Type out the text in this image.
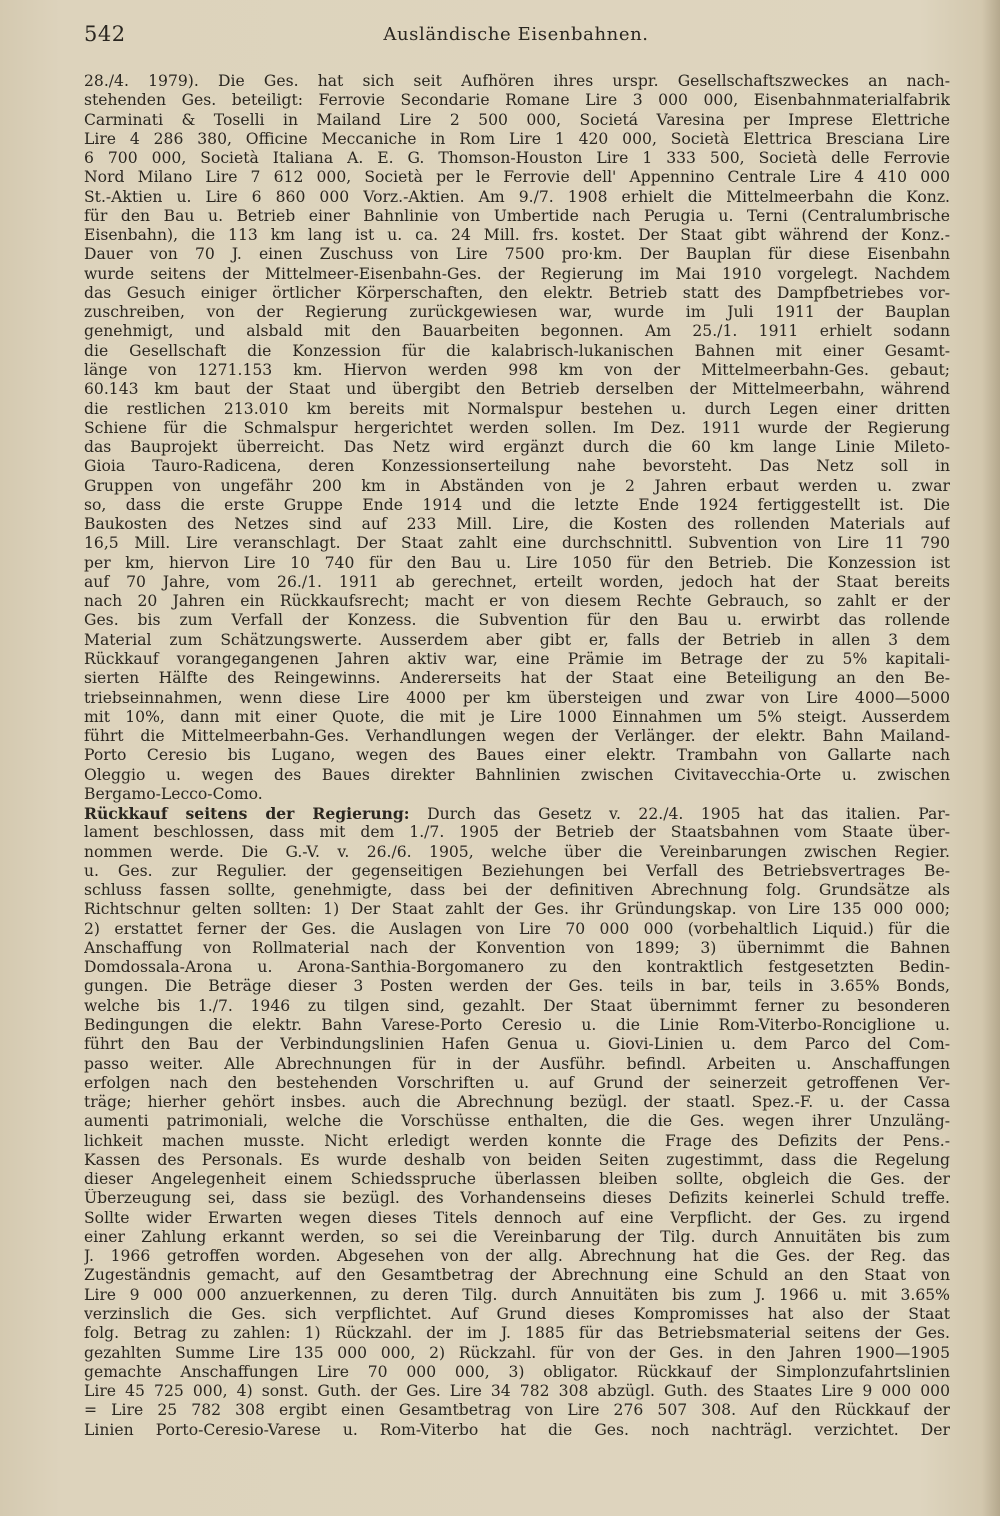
542	Ausländische Eisenbahnen.
28./4. 1979). Die Ges. hat sich seit Aufhören ihres urspr. Gesellschaftszweckes an nach-
stehenden Ges. beteiligt: Ferrovie Secondarie Romane Lire 3 000 000, Eisenbahnmaterialfabrik
Carminati & Toselli in Mailand Lire 2 500 000, Societá Varesina per Imprese Elettriche
Lire 4 286 380, Officine Meccaniche in Rom Lire 1 420 000, Società Elettrica Bresciana Lire
6 700 000, Società Italiana A. E. G. Thomson-Houston Lire 1 333 500, Società delle Ferrovie
Nord Milano Lire 7 612 000, Società per le Ferrovie dell' Appennino Centrale Lire 4 410 000
St.-Aktien u. Lire 6 860 000 Vorz.-Aktien. Am 9./7. 1908 erhielt die Mittelmeerbahn die Konz.
für den Bau u. Betrieb einer Bahnlinie von Umbertide nach Perugia u. Terni (Centralumbrische
Eisenbahn), die 113 km lang ist u. ca. 24 Mill. frs. kostet. Der Staat gibt während der Konz.-
Dauer von 70 J. einen Zuschuss von Lire 7500 pro·km. Der Bauplan für diese Eisenbahn
wurde seitens der Mittelmeer-Eisenbahn-Ges. der Regierung im Mai 1910 vorgelegt. Nachdem
das Gesuch einiger örtlicher Körperschaften, den elektr. Betrieb statt des Dampfbetriebes vor-
zuschreiben, von der Regierung zurückgewiesen war, wurde im Juli 1911 der Bauplan
genehmigt, und alsbald mit den Bauarbeiten begonnen. Am 25./1. 1911 erhielt sodann
die Gesellschaft die Konzession für die kalabrisch-lukanischen Bahnen mit einer Gesamt-
länge von 1271.153 km. Hiervon werden 998 km von der Mittelmeerbahn-Ges. gebaut;
60.143 km baut der Staat und übergibt den Betrieb derselben der Mittelmeerbahn, während
die restlichen 213.010 km bereits mit Normalspur bestehen u. durch Legen einer dritten
Schiene für die Schmalspur hergerichtet werden sollen. Im Dez. 1911 wurde der Regierung
das Bauprojekt überreicht. Das Netz wird ergänzt durch die 60 km lange Linie Mileto-
Gioia Tauro-Radicena, deren Konzessionserteilung nahe bevorsteht. Das Netz soll in
Gruppen von ungefähr 200 km in Abständen von je 2 Jahren erbaut werden u. zwar
so, dass die erste Gruppe Ende 1914 und die letzte Ende 1924 fertiggestellt ist. Die
Baukosten des Netzes sind auf 233 Mill. Lire, die Kosten des rollenden Materials auf
16,5 Mill. Lire veranschlagt. Der Staat zahlt eine durchschnittl. Subvention von Lire 11 790
per km, hiervon Lire 10 740 für den Bau u. Lire 1050 für den Betrieb. Die Konzession ist
auf 70 Jahre, vom 26./1. 1911 ab gerechnet, erteilt worden, jedoch hat der Staat bereits
nach 20 Jahren ein Rückkaufsrecht; macht er von diesem Rechte Gebrauch, so zahlt er der
Ges. bis zum Verfall der Konzess. die Subvention für den Bau u. erwirbt das rollende
Material zum Schätzungswerte. Ausserdem aber gibt er, falls der Betrieb in allen 3 dem
Rückkauf vorangegangenen Jahren aktiv war, eine Prämie im Betrage der zu 5% kapitali-
sierten Hälfte des Reingewinns. Andererseits hat der Staat eine Beteiligung an den Be-
triebseinnahmen, wenn diese Lire 4000 per km übersteigen und zwar von Lire 4000—5000
mit 10%, dann mit einer Quote, die mit je Lire 1000 Einnahmen um 5% steigt. Ausserdem
führt die Mittelmeerbahn-Ges. Verhandlungen wegen der Verlänger. der elektr. Bahn Mailand-
Porto Ceresio bis Lugano, wegen des Baues einer elektr. Trambahn von Gallarte nach
Oleggio u. wegen des Baues direkter Bahnlinien zwischen Civitavecchia-Orte u. zwischen
Bergamo-Lecco-Como.
Rückkauf seitens der Regierung: Durch das Gesetz v. 22./4. 1905 hat das italien. Par-
lament beschlossen, dass mit dem 1./7. 1905 der Betrieb der Staatsbahnen vom Staate über-
nommen werde. Die G.-V. v. 26./6. 1905, welche über die Vereinbarungen zwischen Regier.
u. Ges. zur Regulier. der gegenseitigen Beziehungen bei Verfall des Betriebsvertrages Be-
schluss fassen sollte, genehmigte, dass bei der definitiven Abrechnung folg. Grundsätze als
Richtschnur gelten sollten: 1) Der Staat zahlt der Ges. ihr Gründungskap. von Lire 135 000 000;
2) erstattet ferner der Ges. die Auslagen von Lire 70 000 000 (vorbehaltlich Liquid.) für die
Anschaffung von Rollmaterial nach der Konvention von 1899; 3) übernimmt die Bahnen
Domdossala-Arona u. Arona-Santhia-Borgomanero zu den kontraktlich festgesetzten Bedin-
gungen. Die Beträge dieser 3 Posten werden der Ges. teils in bar, teils in 3.65% Bonds,
welche bis 1./7. 1946 zu tilgen sind, gezahlt. Der Staat übernimmt ferner zu besonderen
Bedingungen die elektr. Bahn Varese-Porto Ceresio u. die Linie Rom-Viterbo-Ronciglione u.
führt den Bau der Verbindungslinien Hafen Genua u. Giovi-Linien u. dem Parco del Com-
passo weiter. Alle Abrechnungen für in der Ausführ. befindl. Arbeiten u. Anschaffungen
erfolgen nach den bestehenden Vorschriften u. auf Grund der seinerzeit getroffenen Ver-
träge; hierher gehört insbes. auch die Abrechnung bezügl. der staatl. Spez.-F. u. der Cassa
aumenti patrimoniali, welche die Vorschüsse enthalten, die die Ges. wegen ihrer Unzuläng-
lichkeit machen musste. Nicht erledigt werden konnte die Frage des Defizits der Pens.-
Kassen des Personals. Es wurde deshalb von beiden Seiten zugestimmt, dass die Regelung
dieser Angelegenheit einem Schiedsspruche überlassen bleiben sollte, obgleich die Ges. der
Überzeugung sei, dass sie bezügl. des Vorhandenseins dieses Defizits keinerlei Schuld treffe.
Sollte wider Erwarten wegen dieses Titels dennoch auf eine Verpflicht. der Ges. zu irgend
einer Zahlung erkannt werden, so sei die Vereinbarung der Tilg. durch Annuitäten bis zum
J. 1966 getroffen worden. Abgesehen von der allg. Abrechnung hat die Ges. der Reg. das
Zugeständnis gemacht, auf den Gesamtbetrag der Abrechnung eine Schuld an den Staat von
Lire 9 000 000 anzuerkennen, zu deren Tilg. durch Annuitäten bis zum J. 1966 u. mit 3.65%
verzinslich die Ges. sich verpflichtet. Auf Grund dieses Kompromisses hat also der Staat
folg. Betrag zu zahlen: 1) Rückzahl. der im J. 1885 für das Betriebsmaterial seitens der Ges.
gezahlten Summe Lire 135 000 000, 2) Rückzahl. für von der Ges. in den Jahren 1900—1905
gemachte Anschaffungen Lire 70 000 000, 3) obligator. Rückkauf der Simplonzufahrtslinien
Lire 45 725 000, 4) sonst. Guth. der Ges. Lire 34 782 308 abzügl. Guth. des Staates Lire 9 000 000
= Lire 25 782 308 ergibt einen Gesamtbetrag von Lire 276 507 308. Auf den Rückkauf der
Linien Porto-Ceresio-Varese u. Rom-Viterbo hat die Ges. noch nachträgl. verzichtet. Der
